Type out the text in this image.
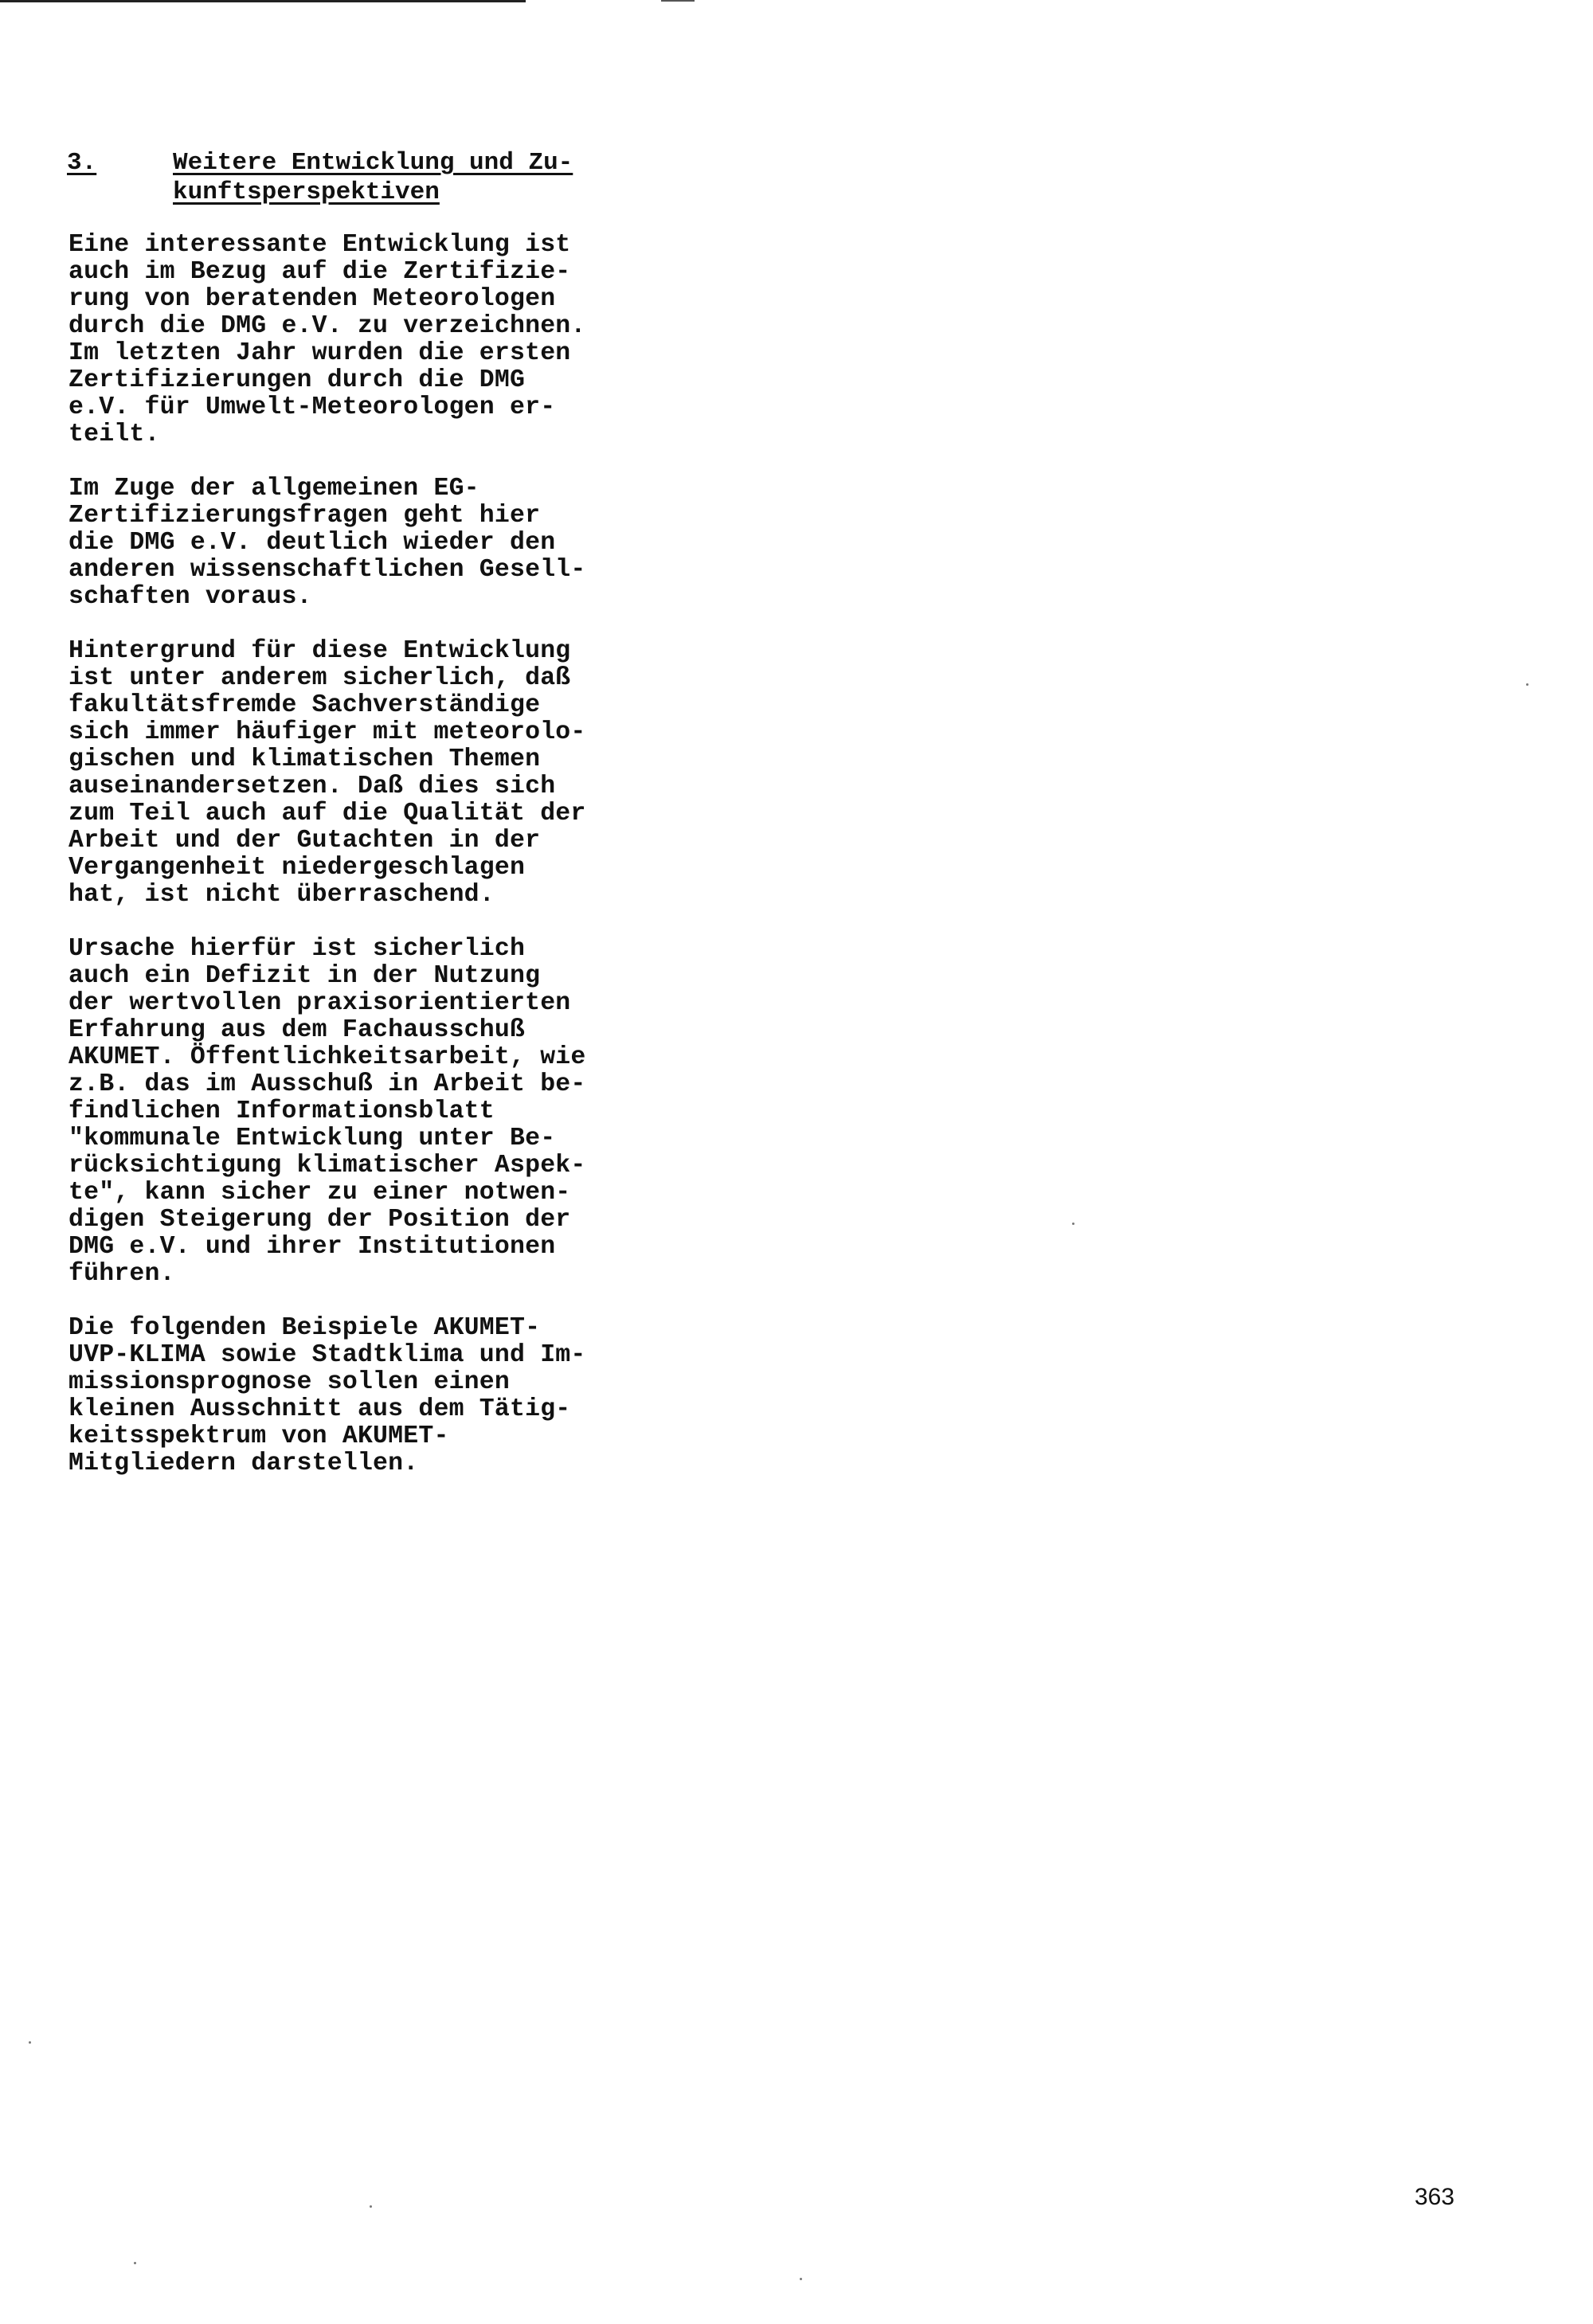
3.	Weitere Entwicklung und Zu-
kunftsperspektiven
Eine interessante Entwicklung ist
auch im Bezug auf die Zertifizie-
rung von beratenden Meteorologen
durch die DMG e.V. zu verzeichnen.
Im letzten Jahr wurden die ersten
Zertifizierungen durch die DMG
e.V. für Umwelt-Meteorologen er-
teilt.
Im Zuge der allgemeinen EG-
Zertifizierungsfragen geht hier
die DMG e.V. deutlich wieder den
anderen wissenschaftlichen Gesell-
schaften voraus.
Hintergrund für diese Entwicklung
ist unter anderem sicherlich, daß
fakultätsfremde Sachverständige
sich immer häufiger mit meteorolo-
gischen und klimatischen Themen
auseinandersetzen. Daß dies sich
zum Teil auch auf die Qualität der
Arbeit und der Gutachten in der
Vergangenheit niedergeschlagen
hat, ist nicht überraschend.
Ursache hierfür ist sicherlich
auch ein Defizit in der Nutzung
der wertvollen praxisorientierten
Erfahrung aus dem Fachausschuß
AKUMET. Öffentlichkeitsarbeit, wie
z.B. das im Ausschuß in Arbeit be-
findlichen Informationsblatt
"kommunale Entwicklung unter Be-
rücksichtigung klimatischer Aspek-
te", kann sicher zu einer notwen-
digen Steigerung der Position der
DMG e.V. und ihrer Institutionen
führen.
Die folgenden Beispiele AKUMET-
UVP-KLIMA sowie Stadtklima und Im-
missionsprognose sollen einen
kleinen Ausschnitt aus dem Tätig-
keitsspektrum von AKUMET-
Mitgliedern darstellen.
363
